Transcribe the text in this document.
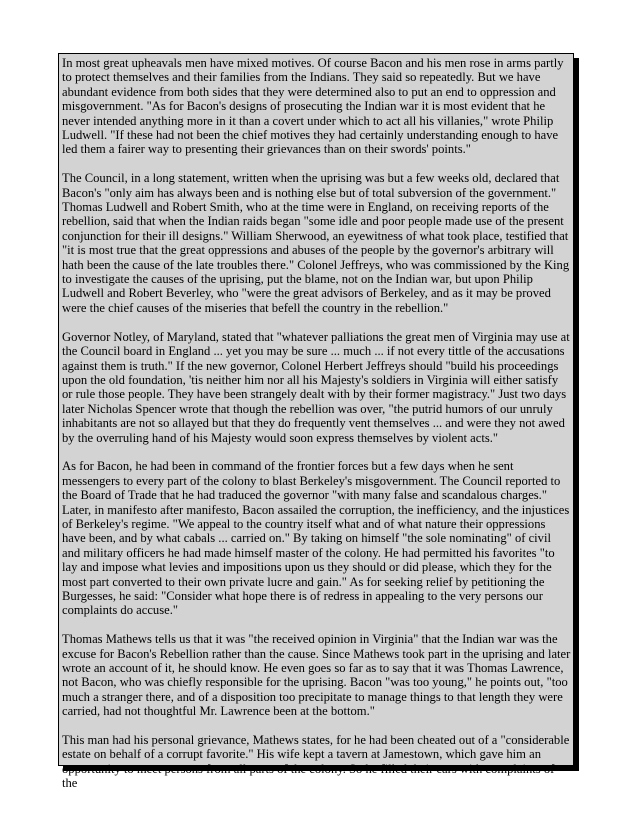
In most great upheavals men have mixed motives. Of course Bacon and his men rose in arms partly to protect themselves and their families from the Indians. They said so repeatedly. But we have abundant evidence from both sides that they were determined also to put an end to oppression and misgovernment. "As for Bacon's designs of prosecuting the Indian war it is most evident that he never intended anything more in it than a covert under which to act all his villanies," wrote Philip Ludwell. "If these had not been the chief motives they had certainly understanding enough to have led them a fairer way to presenting their grievances than on their swords' points."

The Council, in a long statement, written when the uprising was but a few weeks old, declared that Bacon's "only aim has always been and is nothing else but of total subversion of the government." Thomas Ludwell and Robert Smith, who at the time were in England, on receiving reports of the rebellion, said that when the Indian raids began "some idle and poor people made use of the present conjunction for their ill designs." William Sherwood, an eyewitness of what took place, testified that "it is most true that the great oppressions and abuses of the people by the governor's arbitrary will hath been the cause of the late troubles there." Colonel Jeffreys, who was commissioned by the King to investigate the causes of the uprising, put the blame, not on the Indian war, but upon Philip Ludwell and Robert Beverley, who "were the great advisors of Berkeley, and as it may be proved were the chief causes of the miseries that befell the country in the rebellion."

Governor Notley, of Maryland, stated that "whatever palliations the great men of Virginia may use at the Council board in England ... yet you may be sure ... much ... if not every tittle of the accusations against them is truth." If the new governor, Colonel Herbert Jeffreys should "build his proceedings upon the old foundation, 'tis neither him nor all his Majesty's soldiers in Virginia will either satisfy or rule those people. They have been strangely dealt with by their former magistracy." Just two days later Nicholas Spencer wrote that though the rebellion was over, "the putrid humors of our unruly inhabitants are not so allayed but that they do frequently vent themselves ... and were they not awed by the overruling hand of his Majesty would soon express themselves by violent acts."

As for Bacon, he had been in command of the frontier forces but a few days when he sent messengers to every part of the colony to blast Berkeley's misgovernment. The Council reported to the Board of Trade that he had traduced the governor "with many false and scandalous charges." Later, in manifesto after manifesto, Bacon assailed the corruption, the inefficiency, and the injustices of Berkeley's regime. "We appeal to the country itself what and of what nature their oppressions have been, and by what cabals ... carried on." By taking on himself "the sole nominating" of civil and military officers he had made himself master of the colony. He had permitted his favorites "to lay and impose what levies and impositions upon us they should or did please, which they for the most part converted to their own private lucre and gain." As for seeking relief by petitioning the Burgesses, he said: "Consider what hope there is of redress in appealing to the very persons our complaints do accuse."

Thomas Mathews tells us that it was "the received opinion in Virginia" that the Indian war was the excuse for Bacon's Rebellion rather than the cause. Since Mathews took part in the uprising and later wrote an account of it, he should know. He even goes so far as to say that it was Thomas Lawrence, not Bacon, who was chiefly responsible for the uprising. Bacon "was too young," he points out, "too much a stranger there, and of a disposition too precipitate to manage things to that length they were carried, had not thoughtful Mr. Lawrence been at the bottom."

This man had his personal grievance, Mathews states, for he had been cheated out of a "considerable estate on behalf of a corrupt favorite." His wife kept a tavern at Jamestown, which gave him an opportunity to meet persons from all parts of the colony. So he filled their ears with complaints of the
